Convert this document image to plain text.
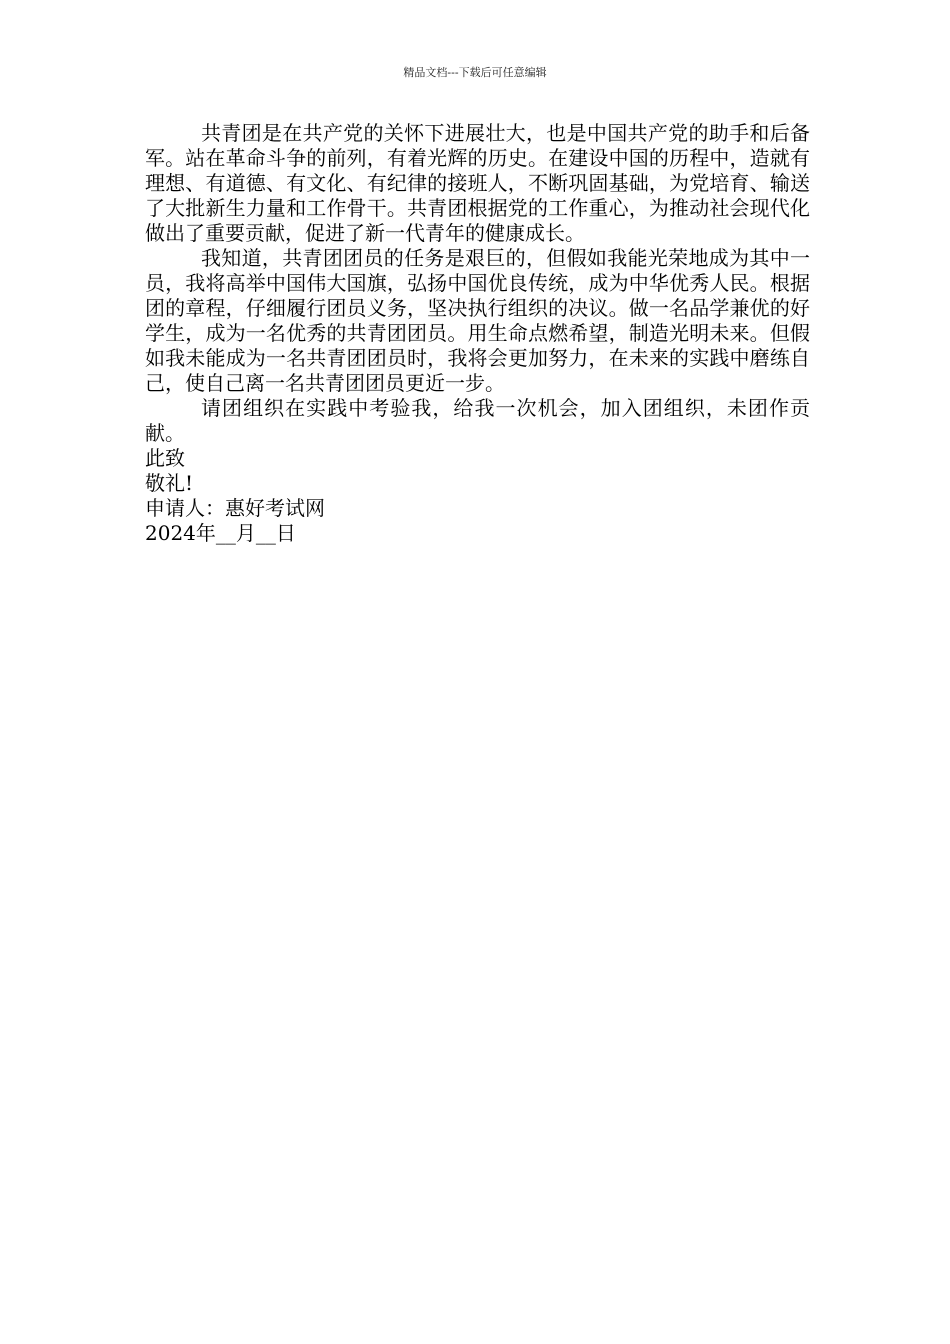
精品文档---下载后可任意编辑

共青团是在共产党的关怀下进展壮大，也是中国共产党的助手和后备军。站在革命斗争的前列，有着光辉的历史。在建设中国的历程中，造就有理想、有道德、有文化、有纪律的接班人，不断巩固基础，为党培育、输送了大批新生力量和工作骨干。共青团根据党的工作重心，为推动社会现代化做出了重要贡献，促进了新一代青年的健康成长。

我知道，共青团团员的任务是艰巨的，但假如我能光荣地成为其中一员，我将高举中国伟大国旗，弘扬中国优良传统，成为中华优秀人民。根据团的章程，仔细履行团员义务，坚决执行组织的决议。做一名品学兼优的好学生，成为一名优秀的共青团团员。用生命点燃希望，制造光明未来。但假如我未能成为一名共青团团员时，我将会更加努力，在未来的实践中磨练自己，使自己离一名共青团团员更近一步。

请团组织在实践中考验我，给我一次机会，加入团组织，未团作贡献。

此致

敬礼!

申请人：惠好考试网

2024年__月__日
